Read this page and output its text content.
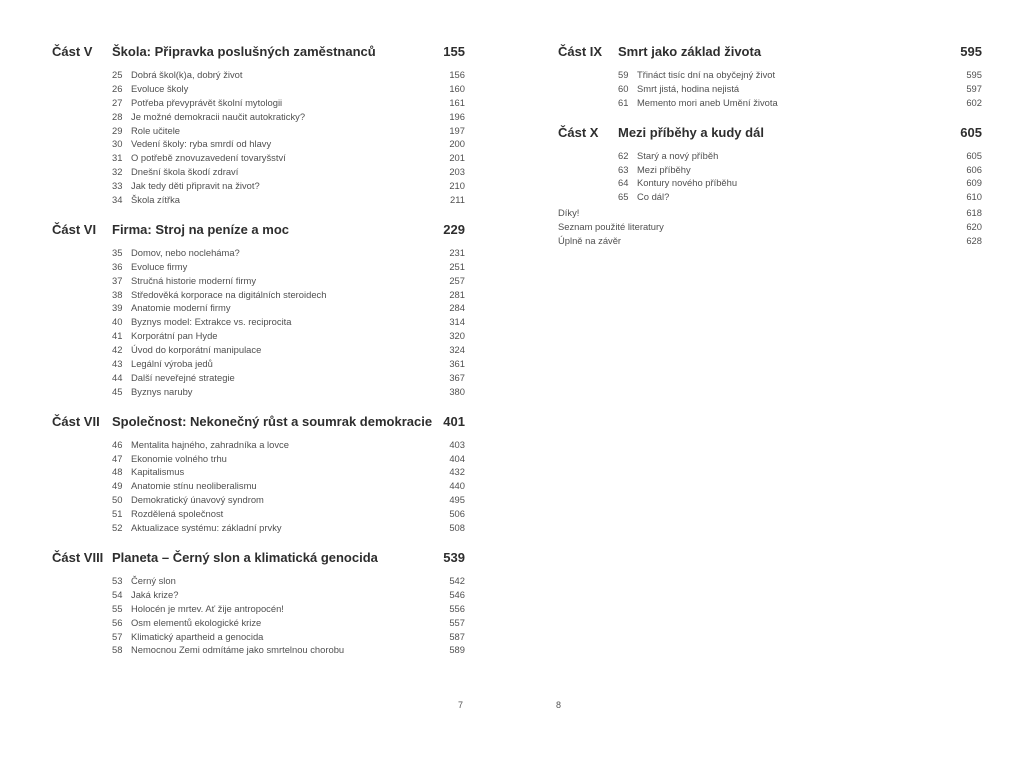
Část V	Škola: Připravka poslušných zaměstnanců	155
25 Dobrá škol(k)a, dobrý život	156
26 Evoluce školy	160
27 Potřeba převyprávět školní mytologii	161
28 Je možné demokracii naučit autokraticky?	196
29 Role učitele	197
30 Vedení školy: ryba smrdí od hlavy	200
31 O potřebě znovuzavedení tovaryšství	201
32 Dnešní škola škodí zdraví	203
33 Jak tedy děti připravit na život?	210
34 Škola zítřka	211
Část VI	Firma: Stroj na peníze a moc	229
35 Domov, nebo nocleháma?	231
36 Evoluce firmy	251
37 Stručná historie moderní firmy	257
38 Středověká korporace na digitálních steroidech	281
39 Anatomie moderní firmy	284
40 Byznys model: Extrakce vs. reciprocita	314
41 Korporátní pan Hyde	320
42 Úvod do korporátní manipulace	324
43 Legální výroba jedů	361
44 Další neveřejné strategie	367
45 Byznys naruby	380
Část VII Společnost: Nekonečný růst a soumrak demokracie 401
46 Mentalita hajného, zahradníka a lovce	403
47 Ekonomie volného trhu	404
48 Kapitalismus	432
49 Anatomie stínu neoliberalismu	440
50 Demokratický únavový syndrom	495
51 Rozdělená společnost	506
52 Aktualizace systému: základní prvky	508
Část VIII Planeta – Černý slon a klimatická genocida	539
53 Černý slon	542
54 Jaká krize?	546
55 Holocén je mrtev. Ať žije antropocén!	556
56 Osm elementů ekologické krize	557
57 Klimatický apartheid a genocida	587
58 Nemocnou Zemi odmítáme jako smrtelnou chorobu	589
7
Část IX	Smrt jako základ života	595
59 Třináct tisíc dní na obyčejný život	595
60 Smrt jistá, hodina nejistá	597
61 Memento mori aneb Umění života	602
Část X	Mezi příběhy a kudy dál	605
62 Starý a nový příběh	605
63 Mezi příběhy	606
64 Kontury nového příběhu	609
65 Co dál?	610
Díky!	618
Seznam použité literatury	620
Úplně na závěr	628
8
